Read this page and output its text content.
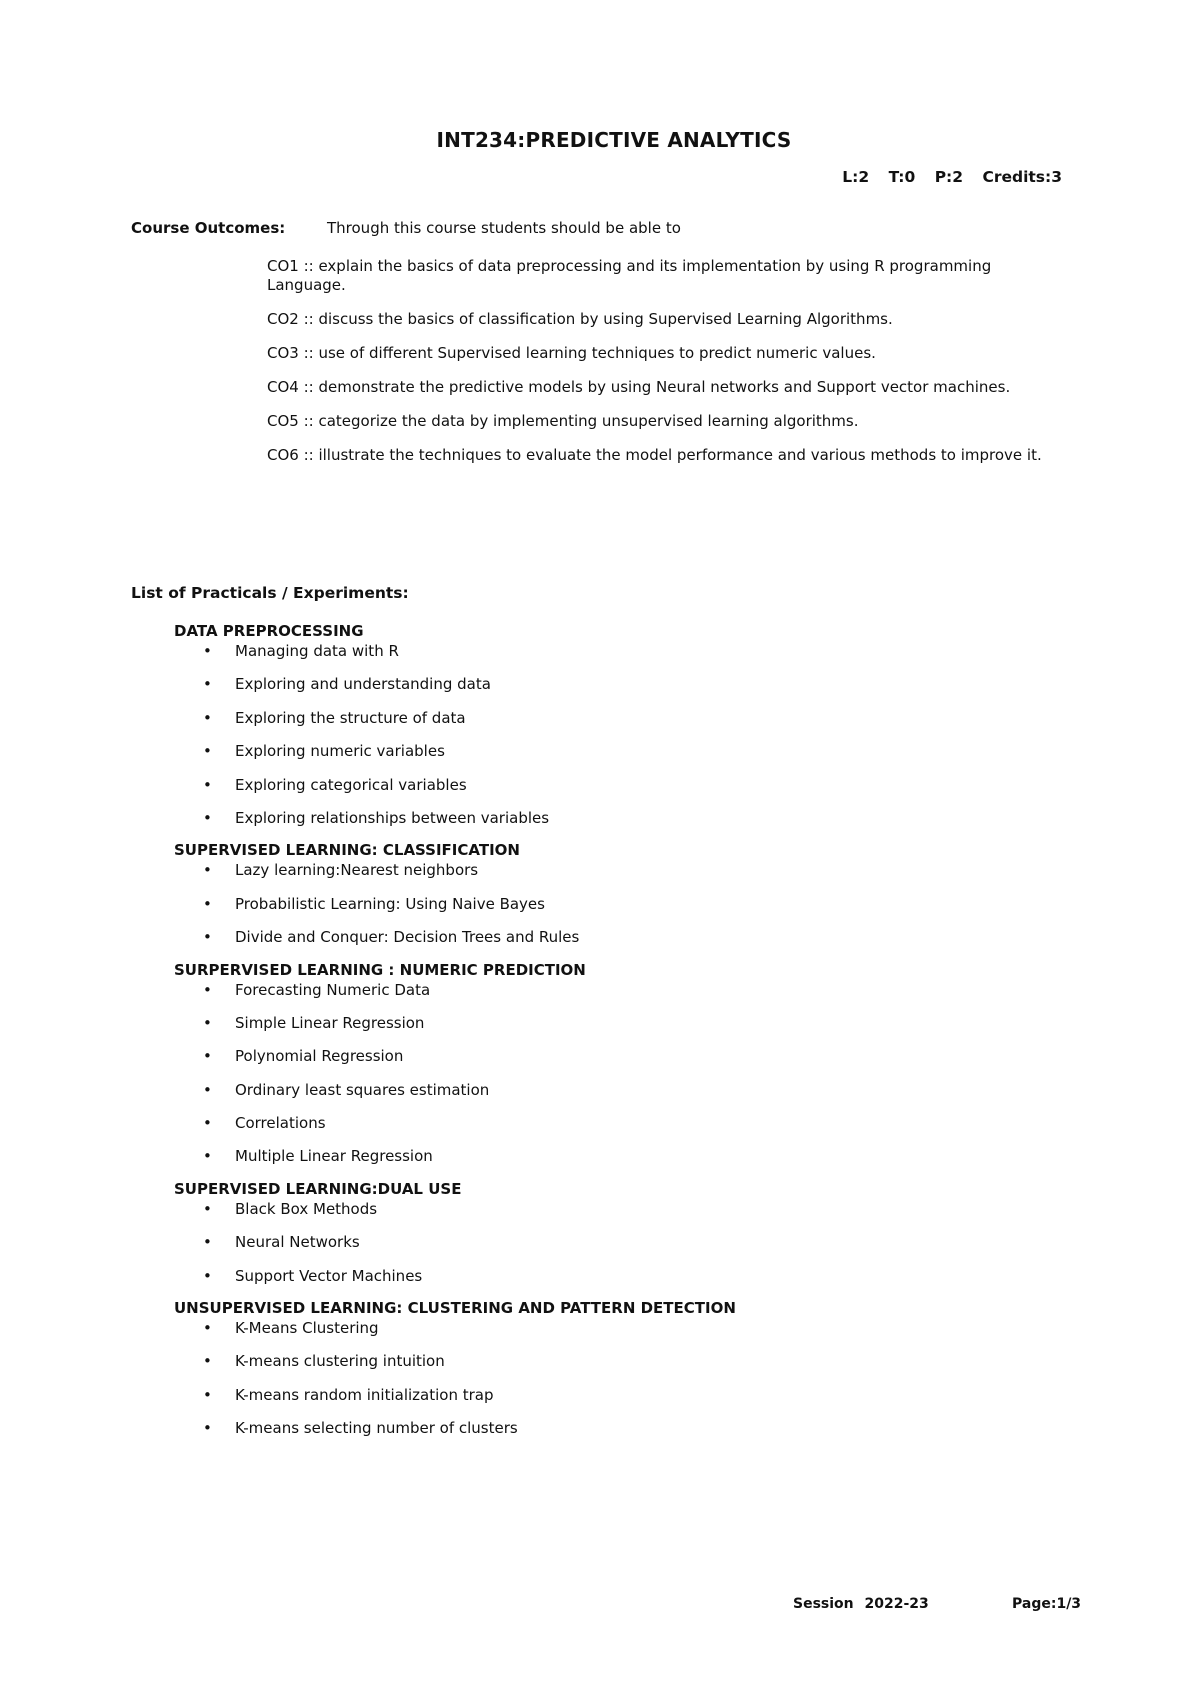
INT234:PREDICTIVE ANALYTICS
L:2 T:0 P:2 Credits:3
Course Outcomes:	Through this course students should be able to
CO1 :: explain the basics of data preprocessing and its implementation by using R programming Language.
CO2 :: discuss the basics of classification by using Supervised Learning Algorithms.
CO3 :: use of different Supervised learning techniques to predict numeric values.
CO4 :: demonstrate the predictive models by using Neural networks and Support vector machines.
CO5 :: categorize the data by implementing unsupervised learning algorithms.
CO6 :: illustrate the techniques to evaluate the model performance and various methods to improve it.
List of Practicals / Experiments:
DATA PREPROCESSING
• Managing data with R
• Exploring and understanding data
• Exploring the structure of data
• Exploring numeric variables
• Exploring categorical variables
• Exploring relationships between variables
SUPERVISED LEARNING: CLASSIFICATION
• Lazy learning:Nearest neighbors
• Probabilistic Learning: Using Naive Bayes
• Divide and Conquer: Decision Trees and Rules
SURPERVISED LEARNING : NUMERIC PREDICTION
• Forecasting Numeric Data
• Simple Linear Regression
• Polynomial Regression
• Ordinary least squares estimation
• Correlations
• Multiple Linear Regression
SUPERVISED LEARNING:DUAL USE
• Black Box Methods
• Neural Networks
• Support Vector Machines
UNSUPERVISED LEARNING: CLUSTERING AND PATTERN DETECTION
• K-Means Clustering
• K-means clustering intuition
• K-means random initialization trap
• K-means selecting number of clusters
Session 2022-23	Page:1/3
